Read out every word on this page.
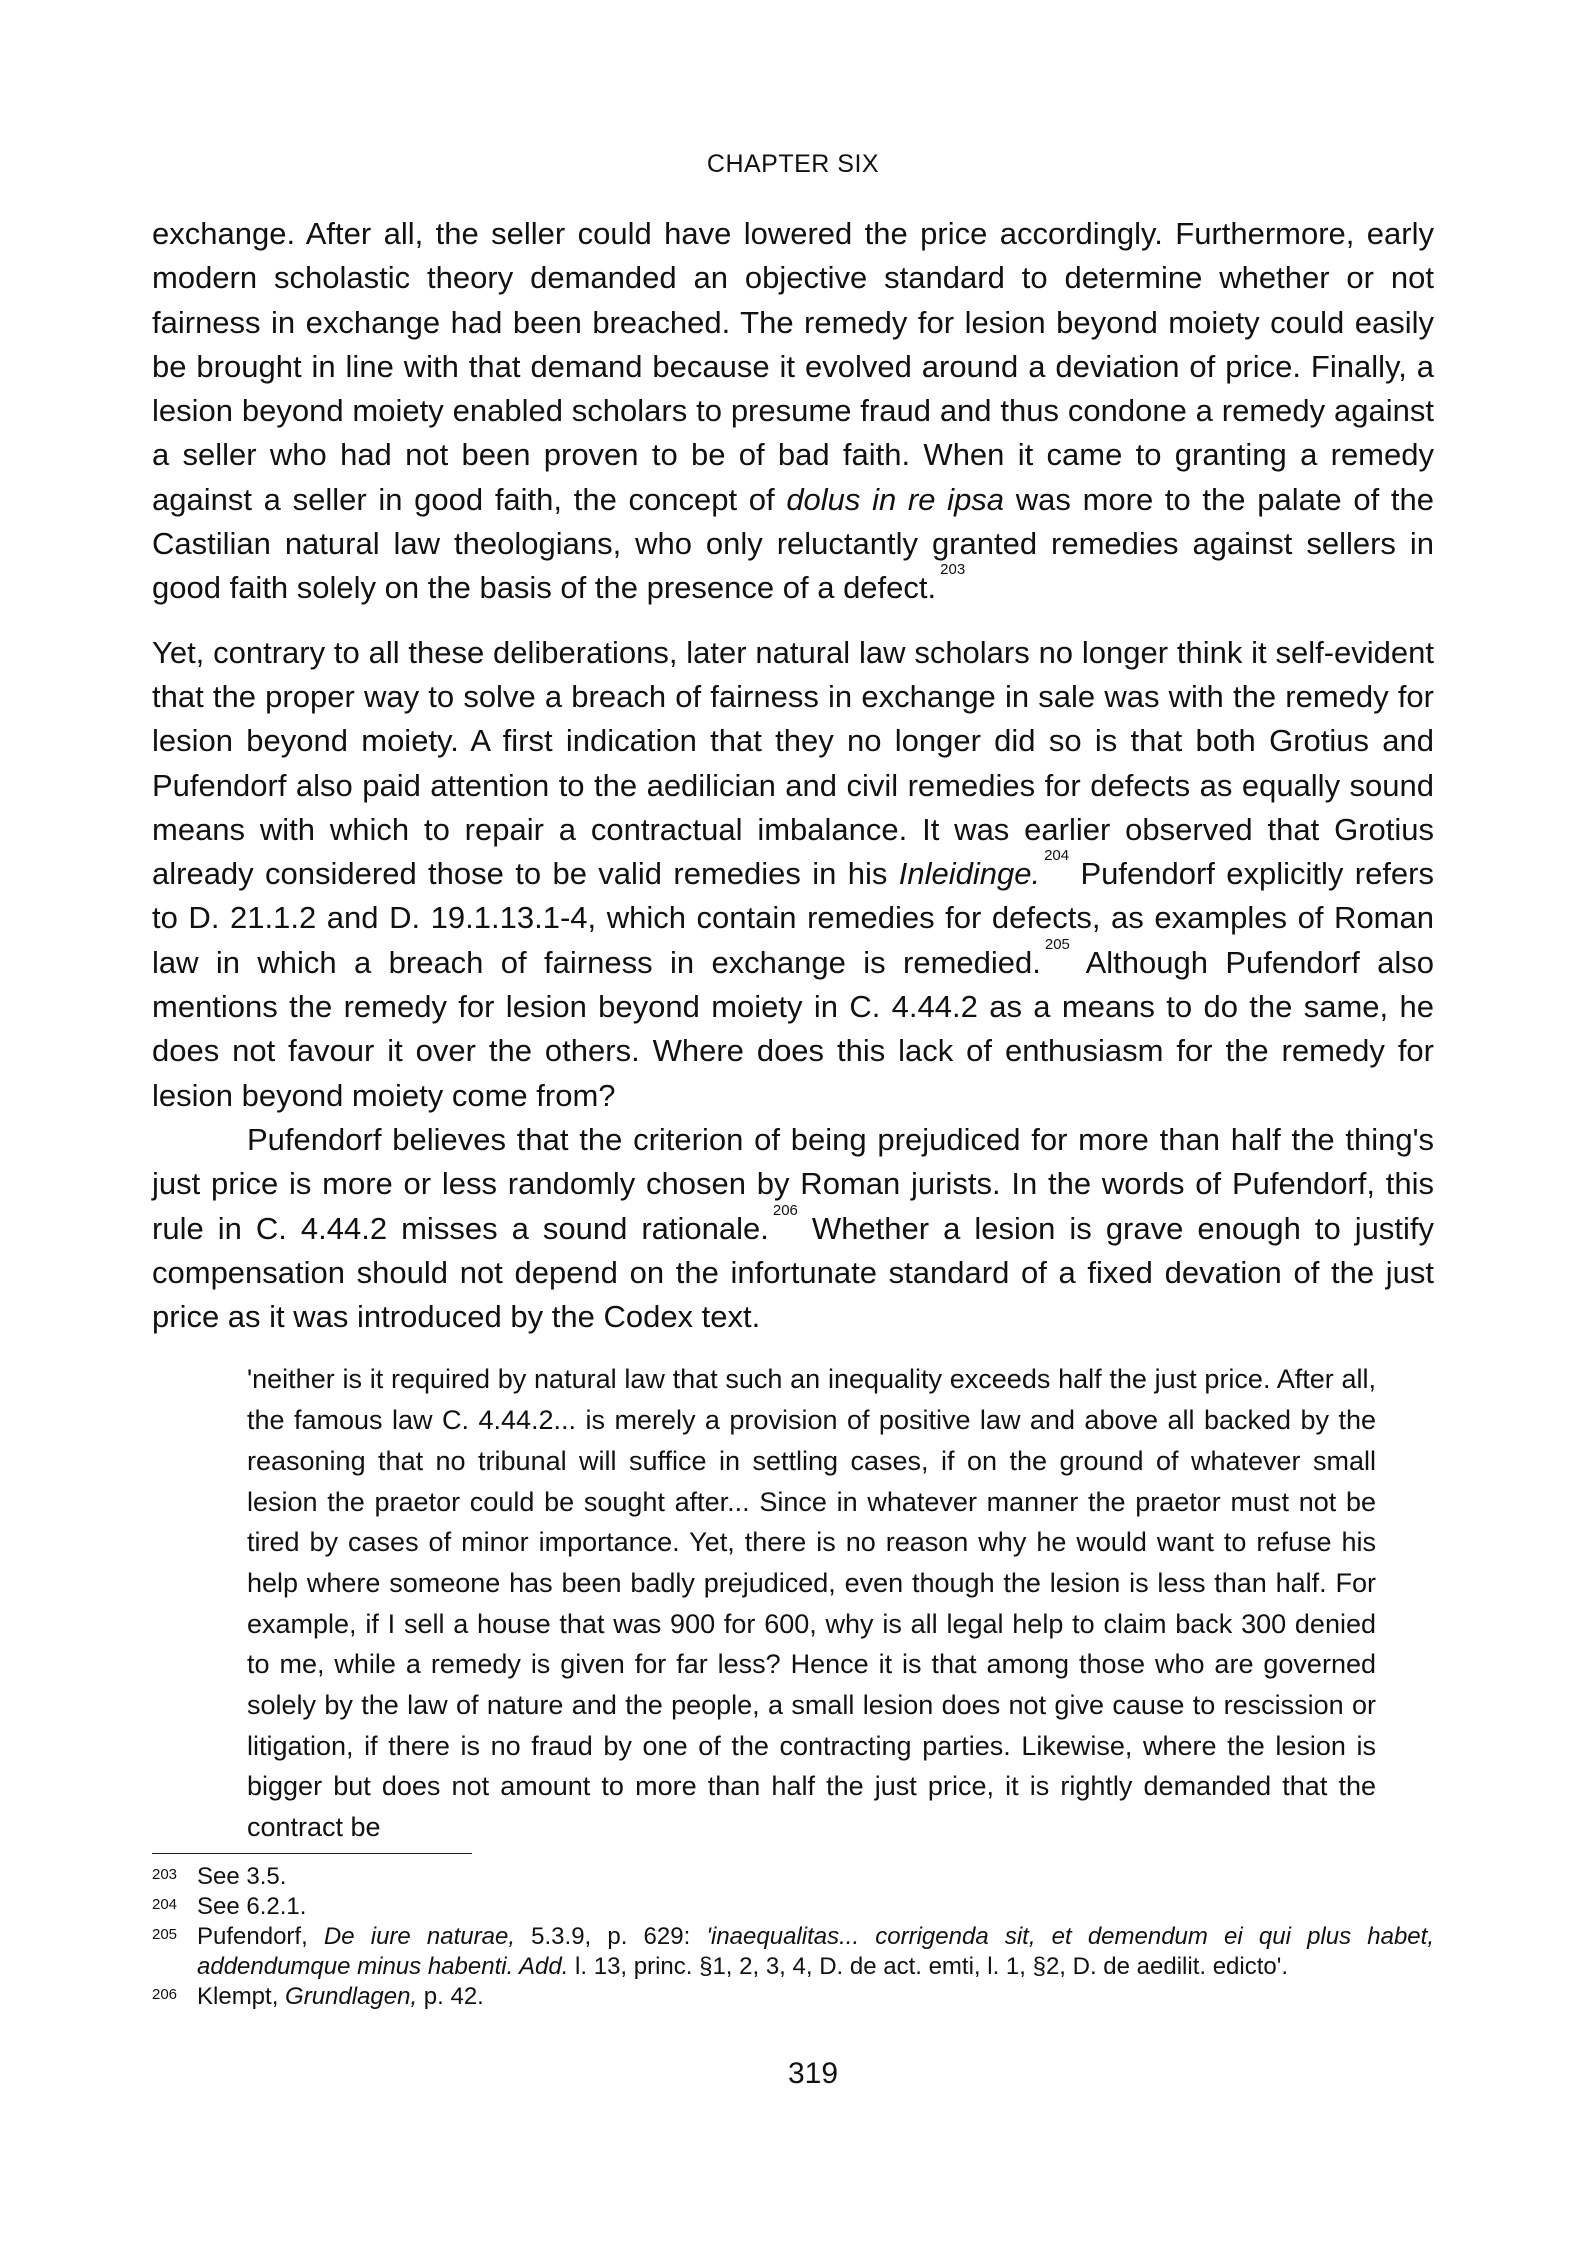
CHAPTER SIX

exchange. After all, the seller could have lowered the price accordingly. Furthermore, early modern scholastic theory demanded an objective standard to determine whether or not fairness in exchange had been breached. The remedy for lesion beyond moiety could easily be brought in line with that demand because it evolved around a deviation of price. Finally, a lesion beyond moiety enabled scholars to presume fraud and thus condone a remedy against a seller who had not been proven to be of bad faith. When it came to granting a remedy against a seller in good faith, the concept of dolus in re ipsa was more to the palate of the Castilian natural law theologians, who only reluctantly granted remedies against sellers in good faith solely on the basis of the presence of a defect.$^{203}$

Yet, contrary to all these deliberations, later natural law scholars no longer think it self-evident that the proper way to solve a breach of fairness in exchange in sale was with the remedy for lesion beyond moiety. A first indication that they no longer did so is that both Grotius and Pufendorf also paid attention to the aedilician and civil remedies for defects as equally sound means with which to repair a contractual imbalance. It was earlier observed that Grotius already considered those to be valid remedies in his Inleidinge.$^{204}$ Pufendorf explicitly refers to D. 21.1.2 and D. 19.1.13.1-4, which contain remedies for defects, as examples of Roman law in which a breach of fairness in exchange is remedied.$^{205}$ Although Pufendorf also mentions the remedy for lesion beyond moiety in C. 4.44.2 as a means to do the same, he does not favour it over the others. Where does this lack of enthusiasm for the remedy for lesion beyond moiety come from?

Pufendorf believes that the criterion of being prejudiced for more than half the thing's just price is more or less randomly chosen by Roman jurists. In the words of Pufendorf, this rule in C. 4.44.2 misses a sound rationale.$^{206}$ Whether a lesion is grave enough to justify compensation should not depend on the infortunate standard of a fixed devation of the just price as it was introduced by the Codex text.

'neither is it required by natural law that such an inequality exceeds half the just price. After all, the famous law C. 4.44.2... is merely a provision of positive law and above all backed by the reasoning that no tribunal will suffice in settling cases, if on the ground of whatever small lesion the praetor could be sought after... Since in whatever manner the praetor must not be tired by cases of minor importance. Yet, there is no reason why he would want to refuse his help where someone has been badly prejudiced, even though the lesion is less than half. For example, if I sell a house that was 900 for 600, why is all legal help to claim back 300 denied to me, while a remedy is given for far less? Hence it is that among those who are governed solely by the law of nature and the people, a small lesion does not give cause to rescission or litigation, if there is no fraud by one of the contracting parties. Likewise, where the lesion is bigger but does not amount to more than half the just price, it is rightly demanded that the contract be
203 See 3.5.
204 See 6.2.1.
205 Pufendorf, De iure naturae, 5.3.9, p. 629: 'inaequalitas... corrigenda sit, et demendum ei qui plus habet, addendumque minus habenti. Add. l. 13, princ. §1, 2, 3, 4, D. de act. emti, l. 1, §2, D. de aedilit. edicto'.
206 Klempt, Grundlagen, p. 42.
319
